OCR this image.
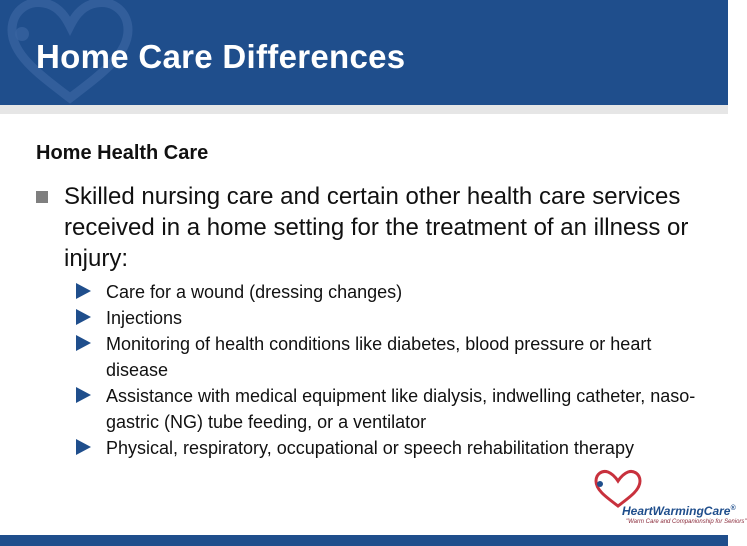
Home Care Differences
Home Health Care
Skilled nursing care and certain other health care services received in a home setting for the treatment of an illness or injury:
Care for a wound (dressing changes)
Injections
Monitoring of health conditions like diabetes, blood pressure or heart disease
Assistance with medical equipment like dialysis, indwelling catheter, naso-gastric (NG) tube feeding, or a ventilator
Physical, respiratory, occupational or speech rehabilitation therapy
HeartWarmingCare®
"Warm Care and Companionship for Seniors"
